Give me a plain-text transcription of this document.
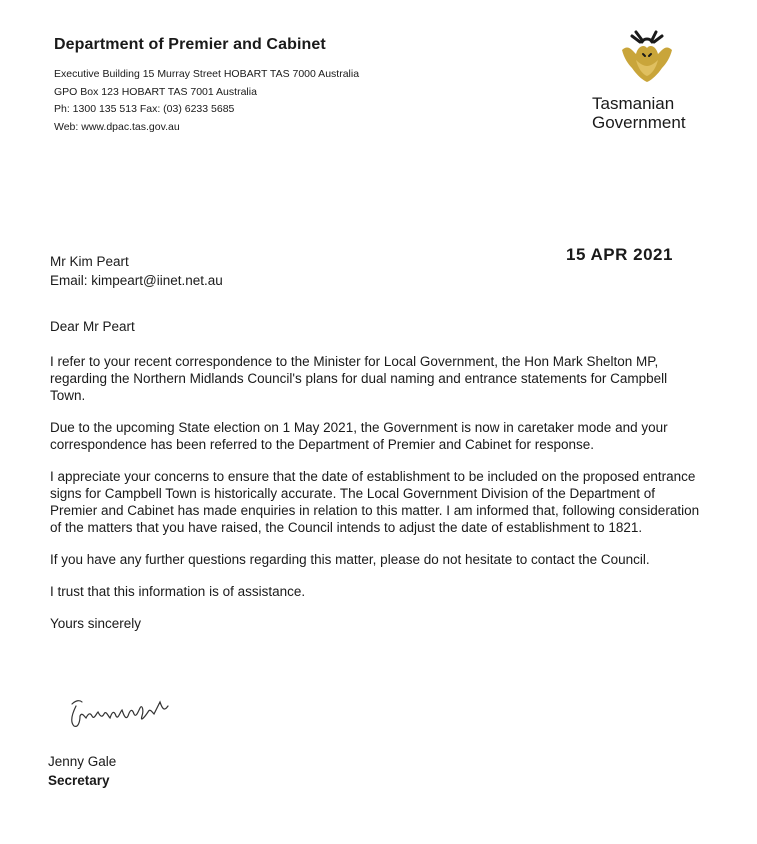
Department of Premier and Cabinet
Executive Building 15 Murray Street HOBART TAS 7000 Australia
GPO Box 123 HOBART TAS 7001 Australia
Ph: 1300 135 513 Fax: (03) 6233 5685
Web: www.dpac.tas.gov.au
Tasmanian
Government
Mr Kim Peart
Email: kimpeart@iinet.net.au
15 APR 2021

Dear Mr Peart

I refer to your recent correspondence to the Minister for Local Government, the Hon Mark Shelton MP, regarding the Northern Midlands Council's plans for dual naming and entrance statements for Campbell Town.

Due to the upcoming State election on 1 May 2021, the Government is now in caretaker mode and your correspondence has been referred to the Department of Premier and Cabinet for response.

I appreciate your concerns to ensure that the date of establishment to be included on the proposed entrance signs for Campbell Town is historically accurate. The Local Government Division of the Department of Premier and Cabinet has made enquiries in relation to this matter. I am informed that, following consideration of the matters that you have raised, the Council intends to adjust the date of establishment to 1821.

If you have any further questions regarding this matter, please do not hesitate to contact the Council.

I trust that this information is of assistance.

Yours sincerely

Jenny Gale
Secretary
